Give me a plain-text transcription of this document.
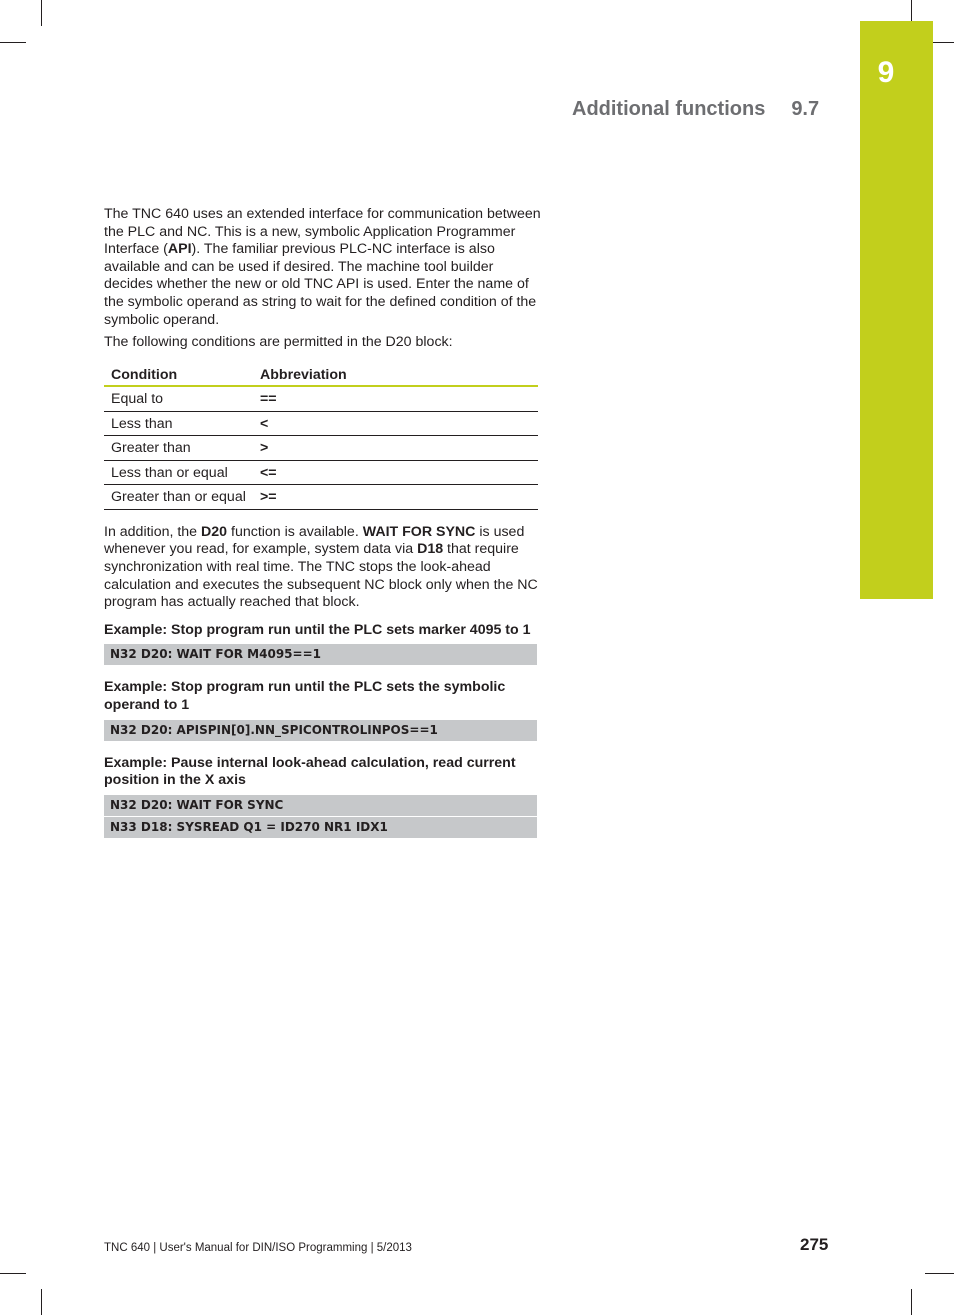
9
Additional functions 9.7

The TNC 640 uses an extended interface for communication between the PLC and NC. This is a new, symbolic Application Programmer Interface (API). The familiar previous PLC-NC interface is also available and can be used if desired. The machine tool builder decides whether the new or old TNC API is used. Enter the name of the symbolic operand as string to wait for the defined condition of the symbolic operand.

The following conditions are permitted in the D20 block:

Condition	Abbreviation
Equal to	==
Less than	<
Greater than	>
Less than or equal	<=
Greater than or equal	>=

In addition, the D20 function is available. WAIT FOR SYNC is used whenever you read, for example, system data via D18 that require synchronization with real time. The TNC stops the look-ahead calculation and executes the subsequent NC block only when the NC program has actually reached that block.

Example: Stop program run until the PLC sets marker 4095 to 1
N32 D20: WAIT FOR M4095==1
Example: Stop program run until the PLC sets the symbolic operand to 1
N32 D20: APISPIN[0].NN_SPICONTROLINPOS==1
Example: Pause internal look-ahead calculation, read current position in the X axis
N32 D20: WAIT FOR SYNC
N33 D18: SYSREAD Q1 = ID270 NR1 IDX1
TNC 640 | User's Manual for DIN/ISO Programming | 5/2013	275
